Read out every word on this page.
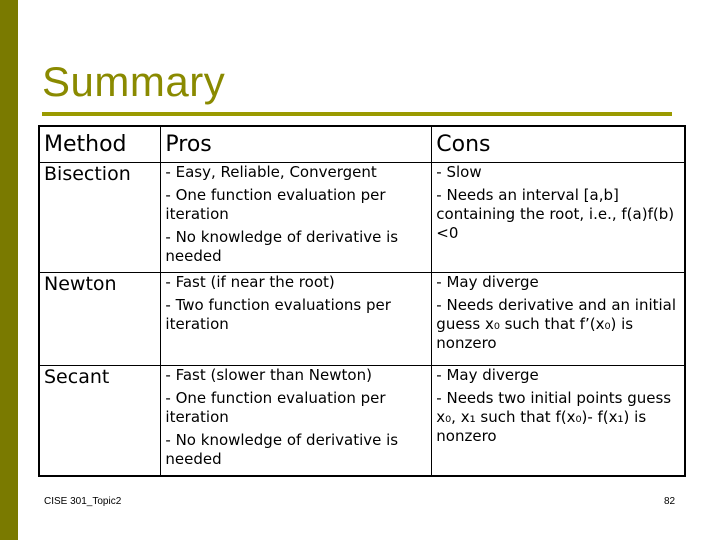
Summary
Method	Pros	Cons
Bisection	- Easy, Reliable, Convergent
- One function evaluation per iteration
- No knowledge of derivative is needed	- Slow
- Needs an interval [a,b] containing the root, i.e., f(a)f(b)<0

Newton	- Fast (if near the root)
- Two function evaluations per iteration	- May diverge
- Needs derivative and an initial guess x₀ such that f’(x₀) is nonzero

Secant	- Fast (slower than Newton)
- One function evaluation per iteration
- No knowledge of derivative is needed	- May diverge
- Needs two initial points guess x₀, x₁ such that f(x₀)- f(x₁) is nonzero
CISE 301_Topic2	82
